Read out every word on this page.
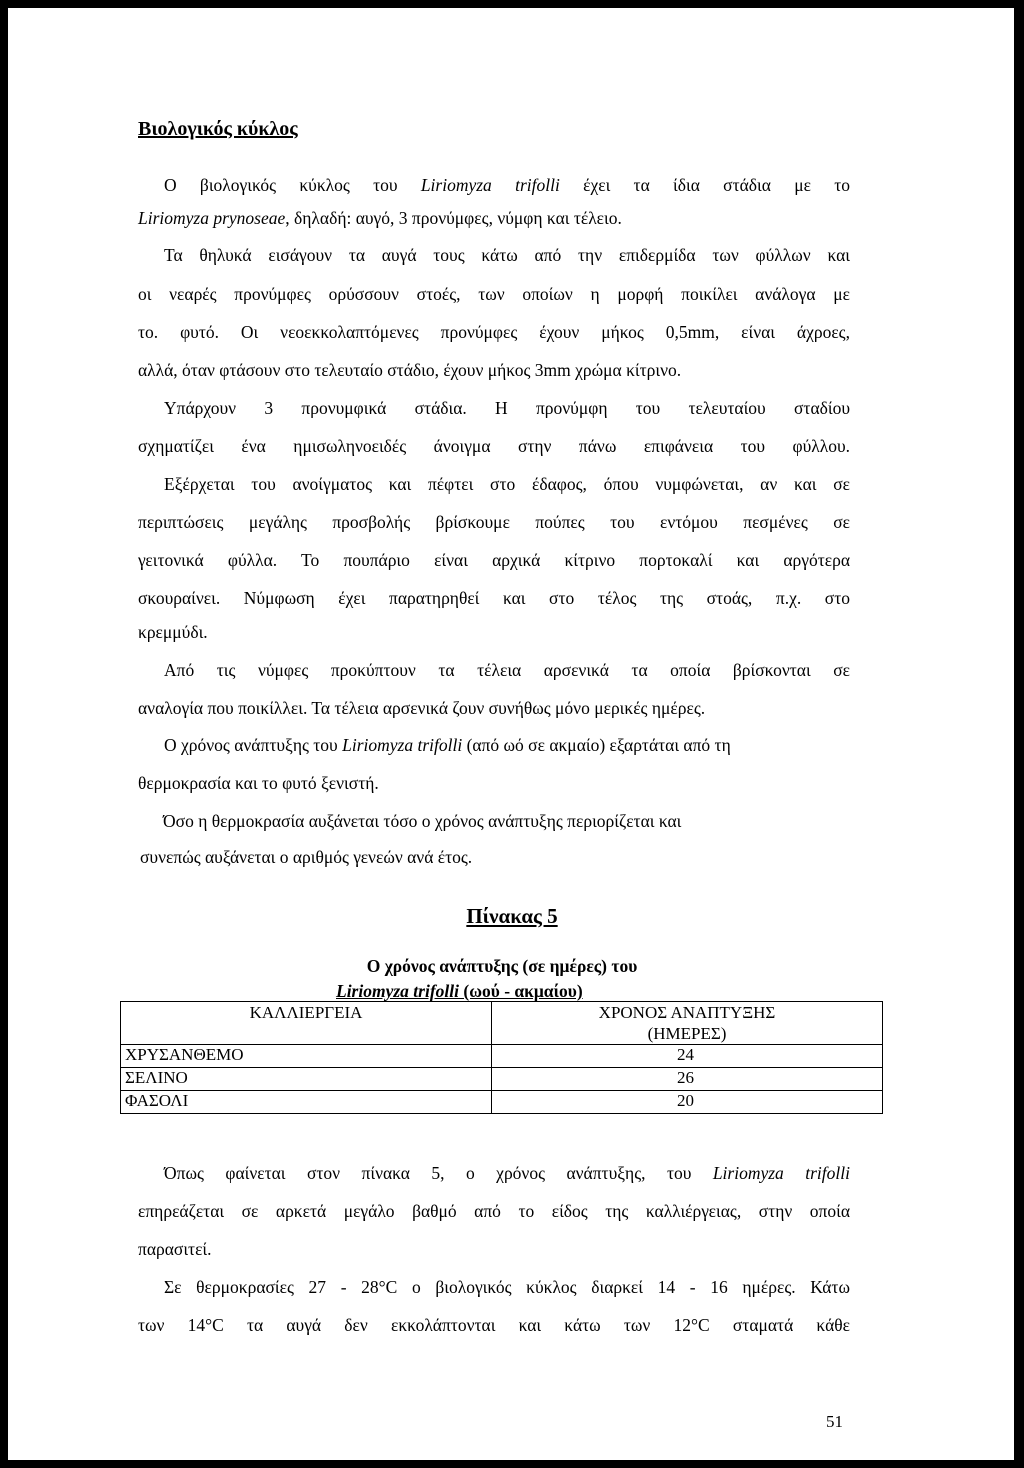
Βιολογικός κύκλος
Ο βιολογικός κύκλος του Liriomyza trifolli έχει τα ίδια στάδια με το
Liriomyza prynoseae, δηλαδή: αυγό, 3 προνύμφες, νύμφη και τέλειο.
Τα θηλυκά εισάγουν τα αυγά τους κάτω από την επιδερμίδα των φύλλων και
οι νεαρές προνύμφες ορύσσουν στοές, των οποίων η μορφή ποικίλει ανάλογα με
το. φυτό. Οι νεοεκκολαπτόμενες προνύμφες έχουν μήκος 0,5mm, είναι άχροες,
αλλά, όταν φτάσουν στο τελευταίο στάδιο, έχουν μήκος 3mm χρώμα κίτρινο.
Υπάρχουν 3 προνυμφικά στάδια. Η προνύμφη του τελευταίου σταδίου
σχηματίζει ένα ημισωληνοειδές άνοιγμα στην πάνω επιφάνεια του φύλλου.
Εξέρχεται του ανοίγματος και πέφτει στο έδαφος, όπου νυμφώνεται, αν και σε
περιπτώσεις μεγάλης προσβολής βρίσκουμε πούπες του εντόμου πεσμένες σε
γειτονικά φύλλα. Το πουπάριο είναι αρχικά κίτρινο πορτοκαλί και αργότερα
σκουραίνει. Νύμφωση έχει παρατηρηθεί και στο τέλος της στοάς, π.χ. στο
κρεμμύδι.
Από τις νύμφες προκύπτουν τα τέλεια αρσενικά τα οποία βρίσκονται σε
αναλογία που ποικίλλει. Τα τέλεια αρσενικά ζουν συνήθως μόνο μερικές ημέρες.
Ο χρόνος ανάπτυξης του Liriomyza trifolli (από ωό σε ακμαίο) εξαρτάται από τη
θερμοκρασία και το φυτό ξενιστή.
Όσο η θερμοκρασία αυξάνεται τόσο ο χρόνος ανάπτυξης περιορίζεται και
συνεπώς αυξάνεται ο αριθμός γενεών ανά έτος.
Πίνακας 5
Ο χρόνος ανάπτυξης (σε ημέρες) του
Liriomyza trifolli (ωού - ακμαίου)
ΚΑΛΛΙΕΡΓΕΙΑ	ΧΡΟΝΟΣ ΑΝΑΠΤΥΞΗΣ
(ΗΜΕΡΕΣ)

ΧΡΥΣΑΝΘΕΜΟ	24
ΣΕΛΙΝΟ	26
ΦΑΣΟΛΙ	20
Όπως φαίνεται στον πίνακα 5, ο χρόνος ανάπτυξης, του Liriomyza trifolli
επηρεάζεται σε αρκετά μεγάλο βαθμό από το είδος της καλλιέργειας, στην οποία
παρασιτεί.
Σε θερμοκρασίες 27 - 28°C ο βιολογικός κύκλος διαρκεί 14 - 16 ημέρες. Κάτω
των 14°C τα αυγά δεν εκκολάπτονται και κάτω των 12°C σταματά κάθε
51
